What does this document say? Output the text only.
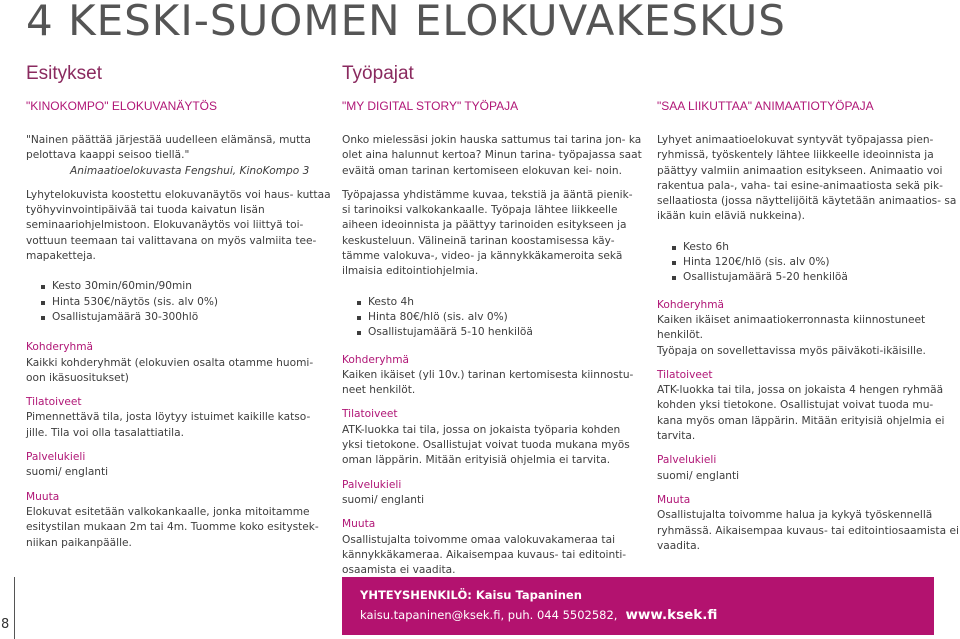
4 KESKI-SUOMEN ELOKUVAKESKUS
Esitykset	Työpajat
"KINOKOMPO" ELOKUVANÄYTÖS

"Nainen päättää järjestää uudelleen elämänsä, mutta pelottava kaappi seisoo tiellä."

Animaatioelokuvasta Fengshui, KinoKompo 3

Lyhytelokuvista koostettu elokuvanäytös voi haus- kuttaa työhyvinvointipäivää tai tuoda kaivatun lisän seminaariohjelmistoon. Elokuvanäytös voi liittyä toi- vottuun teemaan tai valittavana on myös valmiita tee- mapaketteja.

Kesto 30min/60min/90min
Hinta 530€/näytös (sis. alv 0%)
Osallistujamäärä 30-300hlö

Kohderyhmä

Kaikki kohderyhmät (elokuvien osalta otamme huomi- oon ikäsuositukset)

Tilatoiveet

Pimennettävä tila, josta löytyy istuimet kaikille katso- jille. Tila voi olla tasalattiatila.

Palvelukieli

suomi/ englanti

Muuta

Elokuvat esitetään valkokankaalle, jonka mitoitamme esitystilan mukaan 2m tai 4m. Tuomme koko esitystek- niikan paikanpäälle.

"MY DIGITAL STORY" TYÖPAJA

Onko mielessäsi jokin hauska sattumus tai tarina jon- ka olet aina halunnut kertoa? Minun tarina- työpajassa saat eväitä oman tarinan kertomiseen elokuvan kei- noin.

Työpajassa yhdistämme kuvaa, tekstiä ja ääntä pienik- si tarinoiksi valkokankaalle. Työpaja lähtee liikkeelle aiheen ideoinnista ja päättyy tarinoiden esitykseen ja keskusteluun. Välineinä tarinan koostamisessa käy- tämme valokuva-, video- ja kännykkäkameroita sekä ilmaisia editointiohjelmia.

Kesto 4h
Hinta 80€/hlö (sis. alv 0%)
Osallistujamäärä 5-10 henkilöä

Kohderyhmä

Kaiken ikäiset (yli 10v.) tarinan kertomisesta kiinnostu- neet henkilöt.

Tilatoiveet

ATK-luokka tai tila, jossa on jokaista työparia kohden yksi tietokone. Osallistujat voivat tuoda mukana myös oman läppärin. Mitään erityisiä ohjelmia ei tarvita.

Palvelukieli

suomi/ englanti

Muuta

Osallistujalta toivomme omaa valokuvakameraa tai kännykkäkameraa. Aikaisempaa kuvaus- tai editointi- osaamista ei vaadita.

"SAA LIIKUTTAA" ANIMAATIOTYÖPAJA

Lyhyet animaatioelokuvat syntyvät työpajassa pien- ryhmissä, työskentely lähtee liikkeelle ideoinnista ja päättyy valmiin animaation esitykseen. Animaatio voi rakentua pala-, vaha- tai esine-animaatiosta sekä pik- sellaatiosta (jossa näyttelijöitä käytetään animaatios- sa ikään kuin eläviä nukkeina).

Kesto 6h
Hinta 120€/hlö (sis. alv 0%)
Osallistujamäärä 5-20 henkilöä

Kohderyhmä

Kaiken ikäiset animaatiokerronnasta kiinnostuneet henkilöt.

Työpaja on sovellettavissa myös päiväkoti-ikäisille.

Tilatoiveet

ATK-luokka tai tila, jossa on jokaista 4 hengen ryhmää kohden yksi tietokone. Osallistujat voivat tuoda mu- kana myös oman läppärin. Mitään erityisiä ohjelmia ei tarvita.

Palvelukieli

suomi/ englanti

Muuta

Osallistujalta toivomme halua ja kykyä työskennellä ryhmässä. Aikaisempaa kuvaus- tai editointiosaamista ei vaadita.

YHTEYSHENKILÖ: Kaisu Tapaninen
kaisu.tapaninen@ksek.fi, puh. 044 5502582, www.ksek.fi
8
